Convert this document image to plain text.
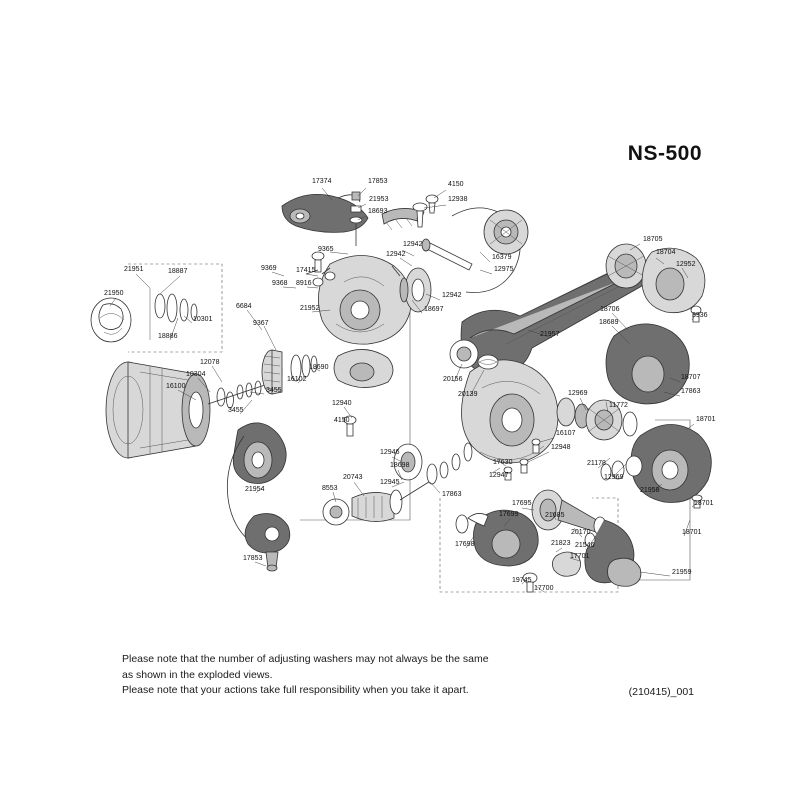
NS-500
17374	17853
21953
18693
4150
12938
9365
12942
12942	16379
12975
12942
9369	17415
9368 8916
21951	18887
6684
9367
21952	18697
21950
10301
18886
12078
10304
16100
3455
3455
16102
18690
12940
4150
21954
17853
8553
20743
18698
12946
12945
17863
20156
20139
21957
12969
11772
16107
12948
12947
17630	21178
12969
21958
17695
21685
20170
21546
21823
17701
17699
17698
19745
17700
21959
18705
18704
12952
18706
18689
3936
18707
17863
18701
18701
18701
Please note that the number of adjusting washers may not always be the same
as shown in the exploded views.
Please note that your actions take full responsibility when you take it apart.	(210415)_001
